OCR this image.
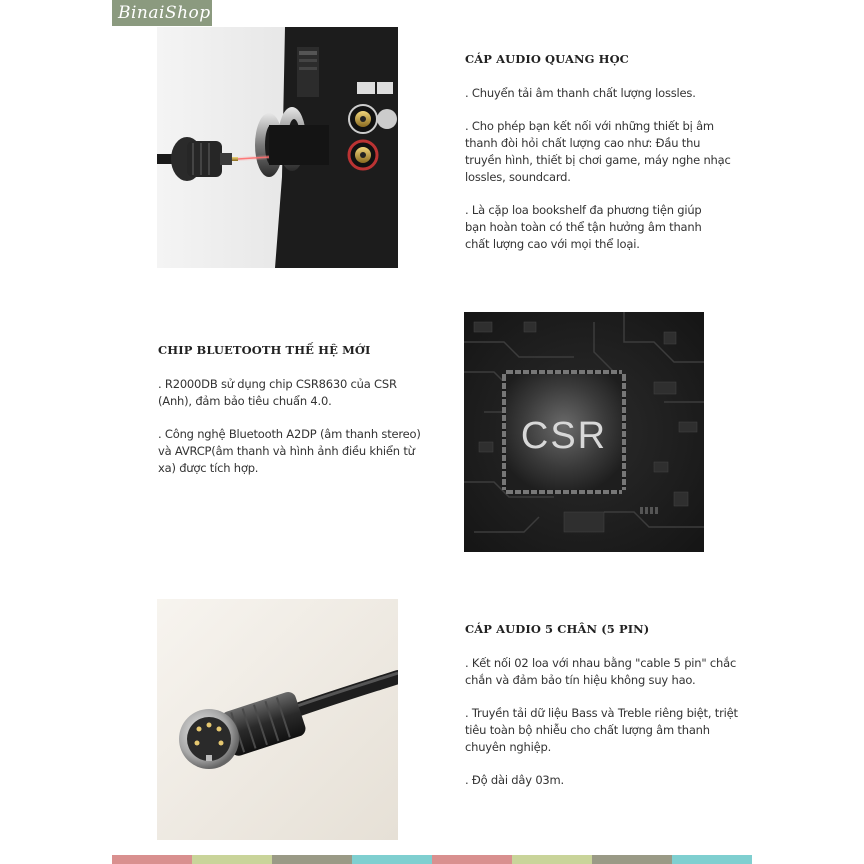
BinaiShop
CÁP AUDIO QUANG HỌC

. Chuyển tải âm thanh chất lượng lossles.

. Cho phép bạn kết nối với những thiết bị âm thanh đòi hỏi chất lượng cao như: Đầu thu truyền hình, thiết bị chơi game, máy nghe nhạc lossles, soundcard.

. Là cặp loa bookshelf đa phương tiện giúp bạn hoàn toàn có thể tận hưởng âm thanh chất lượng cao với mọi thể loại.

CHIP BLUETOOTH THẾ HỆ MỚI

. R2000DB sử dụng chip CSR8630 của CSR (Anh), đảm bảo tiêu chuẩn 4.0.

. Công nghệ Bluetooth A2DP (âm thanh stereo) và AVRCP(âm thanh và hình ảnh điều khiển từ xa) được tích hợp.

CSR
CÁP AUDIO 5 CHÂN (5 PIN)

. Kết nối 02 loa với nhau bằng "cable 5 pin" chắc chắn và đảm bảo tín hiệu không suy hao.

. Truyền tải dữ liệu Bass và Treble riêng biệt, triệt tiêu toàn bộ nhiễu cho chất lượng âm thanh chuyên nghiệp.

. Độ dài dây 03m.
